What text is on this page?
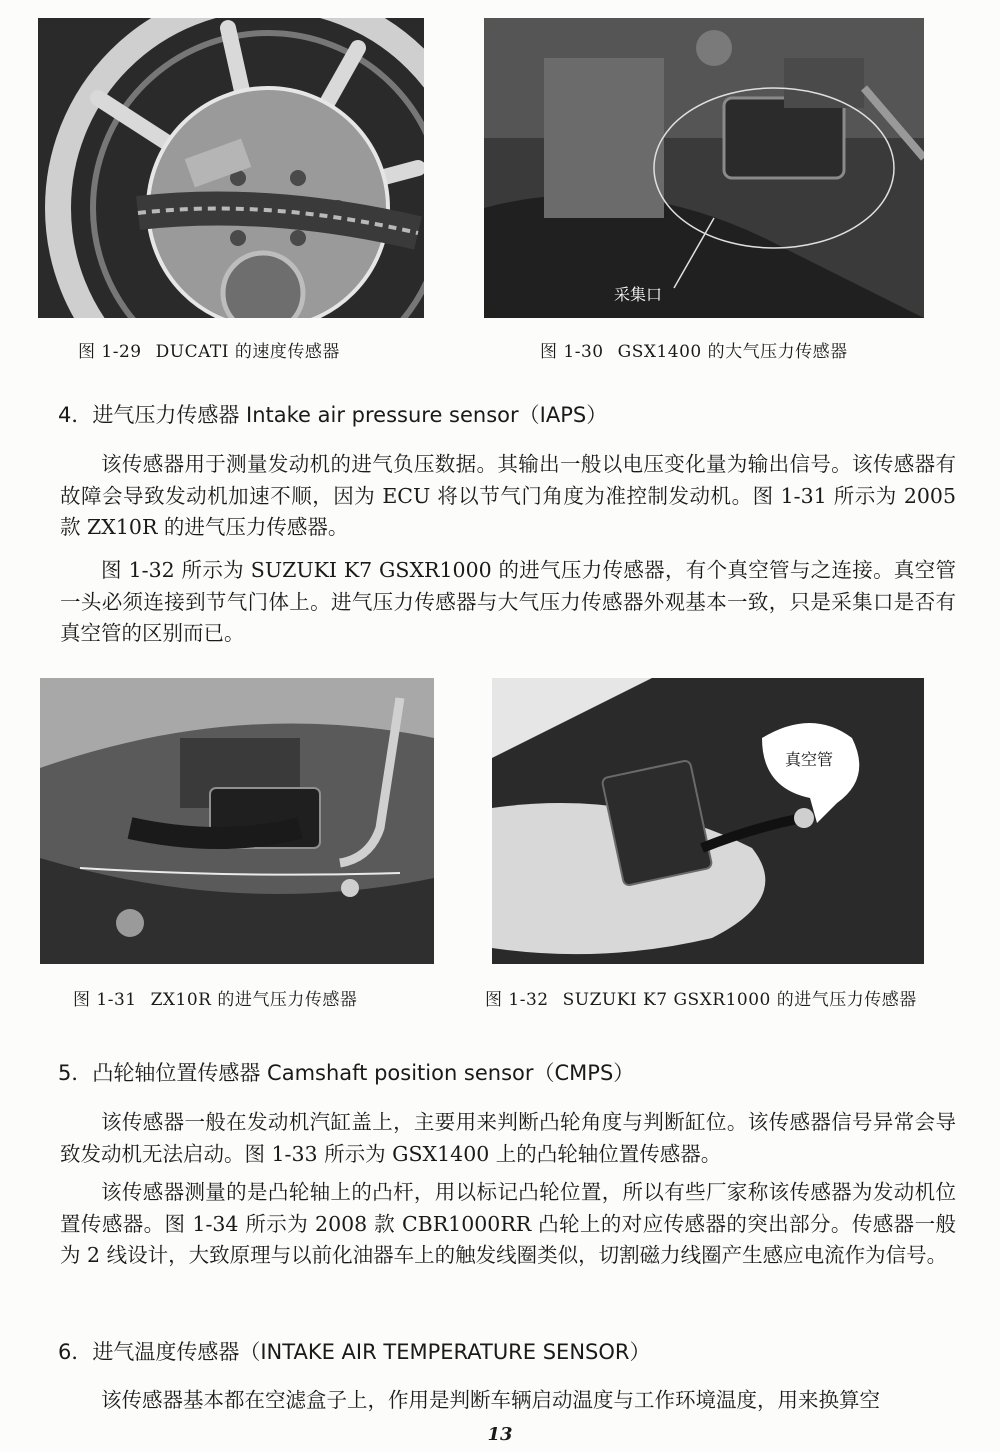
图 1-29 DUCATI 的速度传感器
采集口
图 1-30 GSX1400 的大气压力传感器
4．进气压力传感器 Intake air pressure sensor（IAPS）

该传感器用于测量发动机的进气负压数据。其输出一般以电压变化量为输出信号。该传感器有故障会导致发动机加速不顺，因为 ECU 将以节气门角度为准控制发动机。图 1-31 所示为 2005 款 ZX10R 的进气压力传感器。

图 1-32 所示为 SUZUKI K7 GSXR1000 的进气压力传感器，有个真空管与之连接。真空管一头必须连接到节气门体上。进气压力传感器与大气压力传感器外观基本一致，只是采集口是否有真空管的区别而已。

图 1-31 ZX10R 的进气压力传感器
真空管
图 1-32 SUZUKI K7 GSXR1000 的进气压力传感器
5．凸轮轴位置传感器 Camshaft position sensor（CMPS）

该传感器一般在发动机汽缸盖上，主要用来判断凸轮角度与判断缸位。该传感器信号异常会导致发动机无法启动。图 1-33 所示为 GSX1400 上的凸轮轴位置传感器。

该传感器测量的是凸轮轴上的凸杆，用以标记凸轮位置，所以有些厂家称该传感器为发动机位置传感器。图 1-34 所示为 2008 款 CBR1000RR 凸轮上的对应传感器的突出部分。传感器一般为 2 线设计，大致原理与以前化油器车上的触发线圈类似，切割磁力线圈产生感应电流作为信号。

6．进气温度传感器（INTAKE AIR TEMPERATURE SENSOR）

该传感器基本都在空滤盒子上，作用是判断车辆启动温度与工作环境温度，用来换算空

13
